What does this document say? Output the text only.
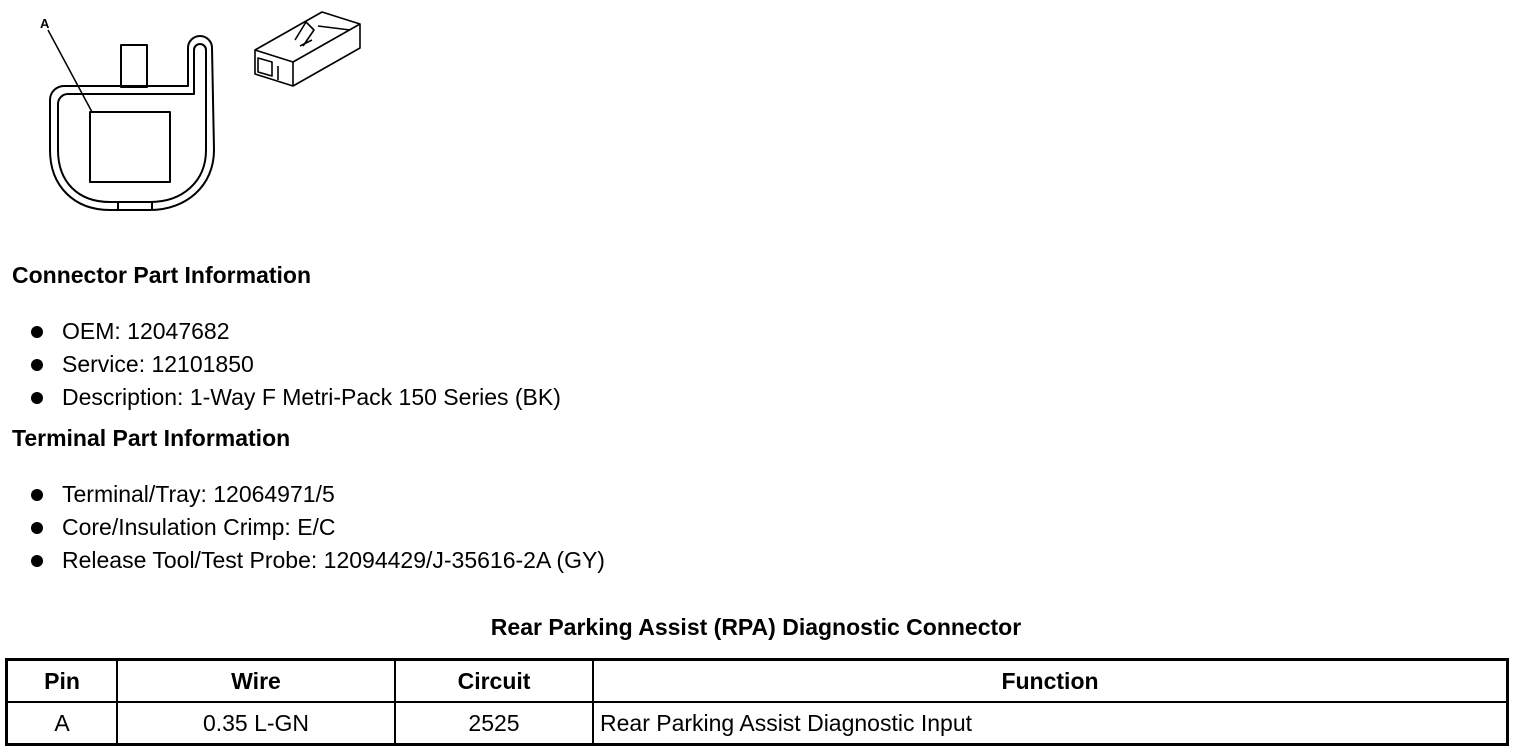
A
Connector Part Information
OEM: 12047682
Service: 12101850
Description: 1-Way F Metri-Pack 150 Series (BK)
Terminal Part Information
Terminal/Tray: 12064971/5
Core/Insulation Crimp: E/C
Release Tool/Test Probe: 12094429/J-35616-2A (GY)
Rear Parking Assist (RPA) Diagnostic Connector
Pin	Wire	Circuit	Function
A	0.35 L-GN	2525	Rear Parking Assist Diagnostic Input
